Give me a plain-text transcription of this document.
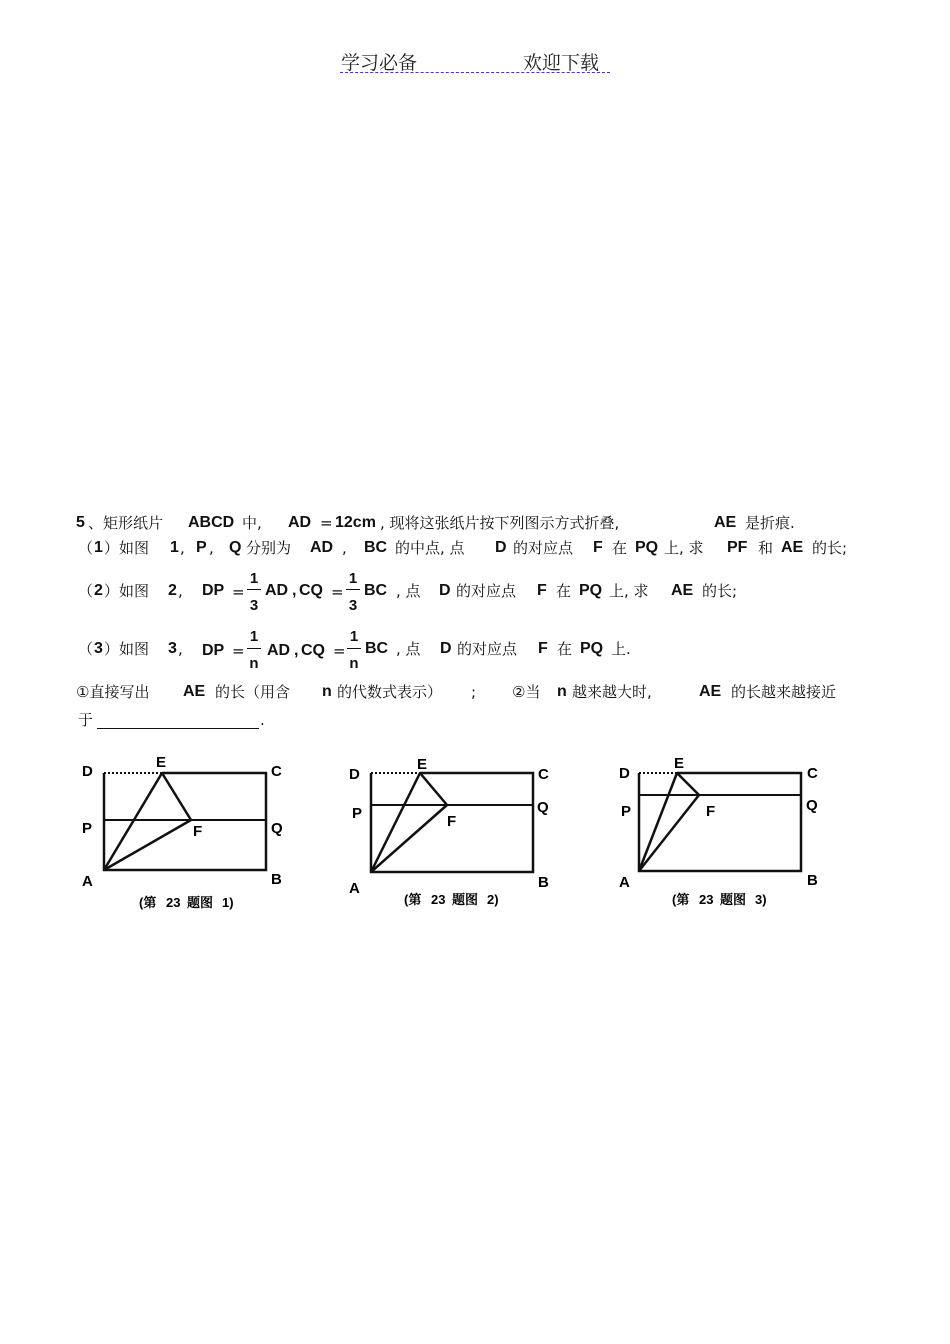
学习必备	欢迎下载
5 、矩形纸片 ABCD 中, AD = 12cm , 现将这张纸片按下列图示方式折叠,	AE 是折痕.
（ 1 ）如图 1 , P , Q 分别为 AD , BC 的中点, 点 D 的对应点 F 在 PQ 上, 求 PF 和 AE 的长;
（ 2 ）如图 2 , DP =
1
3
AD , CQ =
1
3
BC , 点 D 的对应点 F 在 PQ 上, 求 AE 的长;
（ 3 ）如图 3 , DP =
1
n
AD , CQ =
1
n
BC , 点 D 的对应点 F 在 PQ 上.
①直接写出 AE 的长（用含 n 的代数式表示） ; ②当 n 越来越大时,	AE 的长越来越接近
于	.
D
E
C
P	F	Q
A	B
(第 23 题图 1)
D
E
C
P	F
Q
A	B
(第 23 题图 2)
D
E
C
P	F	Q
A	B
(第 23 题图 3)
